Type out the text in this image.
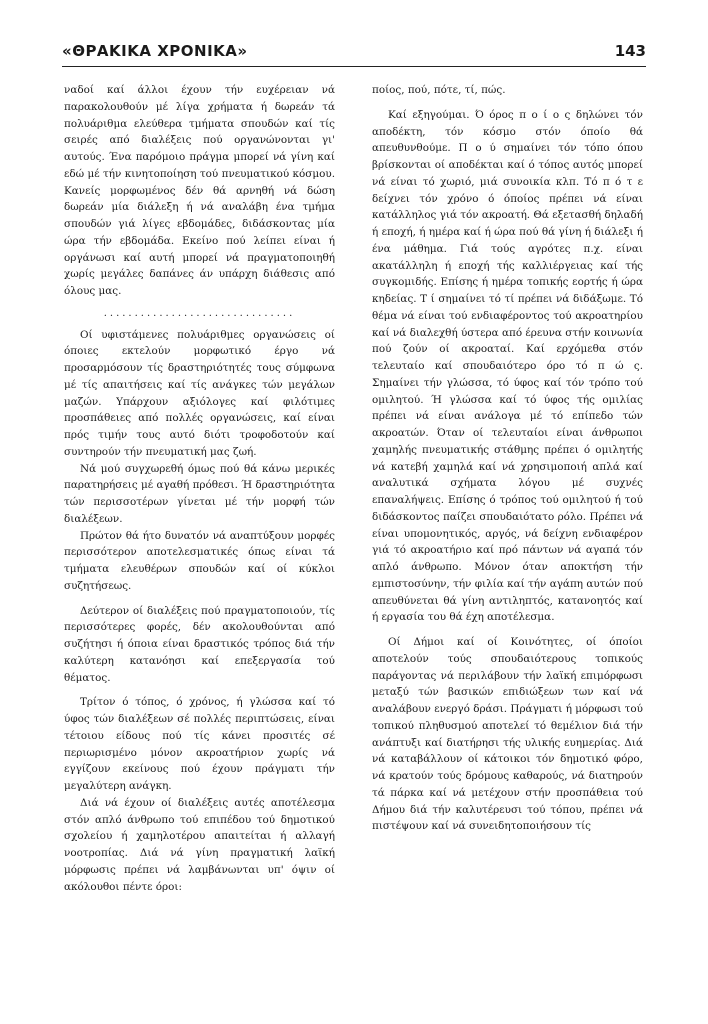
«ΘΡΑΚΙΚΑ ΧΡΟΝΙΚΑ»	143

ναδοί καί άλλοι έχουν τήν ευχέρειαν νά παρακολουθούν μέ λίγα χρήματα ή δωρεάν τά πολυάριθμα ελεύθερα τμήματα σπουδών καί τίς σειρές από διαλέξεις πού οργανώνονται γι' αυτούς. Ένα παρόμοιο πράγμα μπορεί νά γίνη καί εδώ μέ τήν κινητοποίηση τού πνευματικού κόσμου. Κανείς μορφωμένος δέν θά αρνηθή νά δώση δωρεάν μία διάλεξη ή νά αναλάβη ένα τμήμα σπουδών γιά λίγες εβδομάδες, διδάσκοντας μία ώρα τήν εβδομάδα. Εκείνο πού λείπει είναι ή οργάνωσι καί αυτή μπορεί νά πραγματοποιηθή χωρίς μεγάλες δαπάνες άν υπάρχη διάθεσις από όλους μας.

...............................

Οί υφιστάμενες πολυάριθμες οργανώσεις οί όποιες εκτελούν μορφωτικό έργο νά προσαρμόσουν τίς δραστηριότητές τους σύμφωνα μέ τίς απαιτήσεις καί τίς ανάγκες τών μεγάλων μαζών. Υπάρχουν αξιόλογες καί φιλότιμες προσπάθειες από πολλές οργανώσεις, καί είναι πρός τιμήν τους αυτό διότι τροφοδοτούν καί συντηρούν τήν πνευματική μας ζωή.

Νά μού συγχωρεθή όμως πού θά κάνω μερικές παρατηρήσεις μέ αγαθή πρόθεσι. Ή δραστηριότητα τών περισσοτέρων γίνεται μέ τήν μορφή τών διαλέξεων.

Πρώτον θά ήτο δυνατόν νά αναπτύξουν μορφές περισσότερον αποτελεσματικές όπως είναι τά τμήματα ελευθέρων σπουδών καί οί κύκλοι συζητήσεως.

Δεύτερον οί διαλέξεις πού πραγματοποιούν, τίς περισσότερες φορές, δέν ακολουθούνται από συζήτησι ή όποια είναι δραστικός τρόπος διά τήν καλύτερη κατανόησι καί επεξεργασία τού θέματος.

Τρίτον ό τόπος, ό χρόνος, ή γλώσσα καί τό ύφος τών διαλέξεων σέ πολλές περιπτώσεις, είναι τέτοιου είδους πού τίς κάνει προσιτές σέ περιωρισμένο μόνον ακροατήριον χωρίς νά εγγίζουν εκείνους πού έχουν πράγματι τήν μεγαλύτερη ανάγκη.

Διά νά έχουν οί διαλέξεις αυτές αποτέλεσμα στόν απλό άνθρωπο τού επιπέδου τού δημοτικού σχολείου ή χαμηλοτέρου απαιτείται ή αλλαγή νοοτροπίας. Διά νά γίνη πραγματική λαϊκή μόρφωσις πρέπει νά λαμβάνωνται υπ' όψιν οί ακόλουθοι πέντε όροι:

ποίος, πού, πότε, τί, πώς.

Καί εξηγούμαι. Ό όρος π ο ί ο ς δηλώνει τόν αποδέκτη, τόν κόσμο στόν όποίο θά απευθυνθούμε. Π ο ύ σημαίνει τόν τόπο όπου βρίσκονται οί αποδέκται καί ό τόπος αυτός μπορεί νά είναι τό χωριό, μιά συνοικία κλπ. Τό π ό τ ε δείχνει τόν χρόνο ό όποίος πρέπει νά είναι κατάλληλος γιά τόν ακροατή. Θά εξετασθή δηλαδή ή εποχή, ή ημέρα καί ή ώρα πού θά γίνη ή διάλεξι ή ένα μάθημα. Γιά τούς αγρότες π.χ. είναι ακατάλληλη ή εποχή τής καλλιέργειας καί τής συγκομιδής. Επίσης ή ημέρα τοπικής εορτής ή ώρα κηδείας. Τ ί σημαίνει τό τί πρέπει νά διδάξωμε. Τό θέμα νά είναι τού ενδιαφέροντος τού ακροατηρίου καί νά διαλεχθή ύστερα από έρευνα στήν κοινωνία πού ζούν οί ακροαταί. Καί ερχόμεθα στόν τελευταίο καί σπουδαιότερο όρο τό π ώ ς. Σημαίνει τήν γλώσσα, τό ύφος καί τόν τρόπο τού ομιλητού. Ή γλώσσα καί τό ύφος τής ομιλίας πρέπει νά είναι ανάλογα μέ τό επίπεδο τών ακροατών. Όταν οί τελευταίοι είναι άνθρωποι χαμηλής πνευματικής στάθμης πρέπει ό ομιλητής νά κατεβή χαμηλά καί νά χρησιμοποιή απλά καί αναλυτικά σχήματα λόγου μέ συχνές επαναλήψεις. Επίσης ό τρόπος τού ομιλητού ή τού διδάσκοντος παίζει σπουδαιότατο ρόλο. Πρέπει νά είναι υπομονητικός, αργός, νά δείχνη ενδιαφέρον γιά τό ακροατήριο καί πρό πάντων νά αγαπά τόν απλό άνθρωπο. Μόνον όταν αποκτήση τήν εμπιστοσύνην, τήν φιλία καί τήν αγάπη αυτών πού απευθύνεται θά γίνη αντιληπτός, κατανοητός καί ή εργασία του θά έχη αποτέλεσμα.

Οί Δήμοι καί οί Κοινότητες, οί όποίοι αποτελούν τούς σπουδαιότερους τοπικούς παράγοντας νά περιλάβουν τήν λαϊκή επιμόρφωσι μεταξύ τών βασικών επιδιώξεων των καί νά αναλάβουν ενεργό δράσι. Πράγματι ή μόρφωσι τού τοπικού πληθυσμού αποτελεί τό θεμέλιον διά τήν ανάπτυξι καί διατήρησι τής υλικής ευημερίας. Διά νά καταβάλλουν οί κάτοικοι τόν δημοτικό φόρο, νά κρατούν τούς δρόμους καθαρούς, νά διατηρούν τά πάρκα καί νά μετέχουν στήν προσπάθεια τού Δήμου διά τήν καλυτέρευσι τού τόπου, πρέπει νά πιστέψουν καί νά συνειδητοποιήσουν τίς
